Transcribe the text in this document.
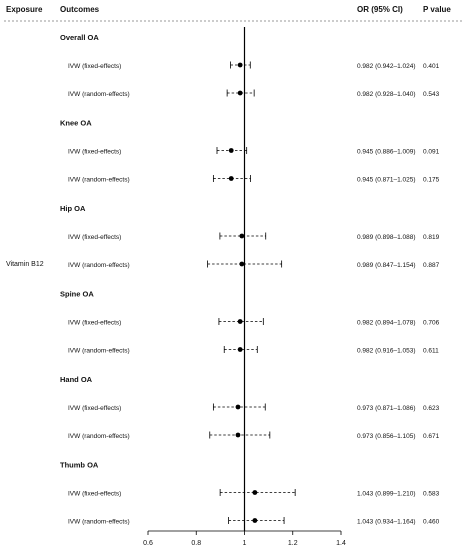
Exposure Outcomes	OR (95% CI)	P value
Vitamin B12
Overall OA
IVW (fixed-effects)	0.982 (0.942–1.024) 0.401
IVW (random-effects)	0.982 (0.928–1.040) 0.543
Knee OA
IVW (fixed-effects)	0.945 (0.886–1.009) 0.091
IVW (random-effects)	0.945 (0.871–1.025) 0.175
Hip OA
IVW (fixed-effects)	0.989 (0.898–1.088) 0.819
IVW (random-effects)	0.989 (0.847–1.154) 0.887
Spine OA
IVW (fixed-effects)	0.982 (0.894–1.078) 0.706
IVW (random-effects)	0.982 (0.916–1.053) 0.611
Hand OA
IVW (fixed-effects)	0.973 (0.871–1.086) 0.623
IVW (random-effects)	0.973 (0.856–1.105) 0.671
Thumb OA
IVW (fixed-effects)	1.043 (0.899–1.210) 0.583
IVW (random-effects)	1.043 (0.934–1.164) 0.460
0.6	0.8	1	1.2	1.4
